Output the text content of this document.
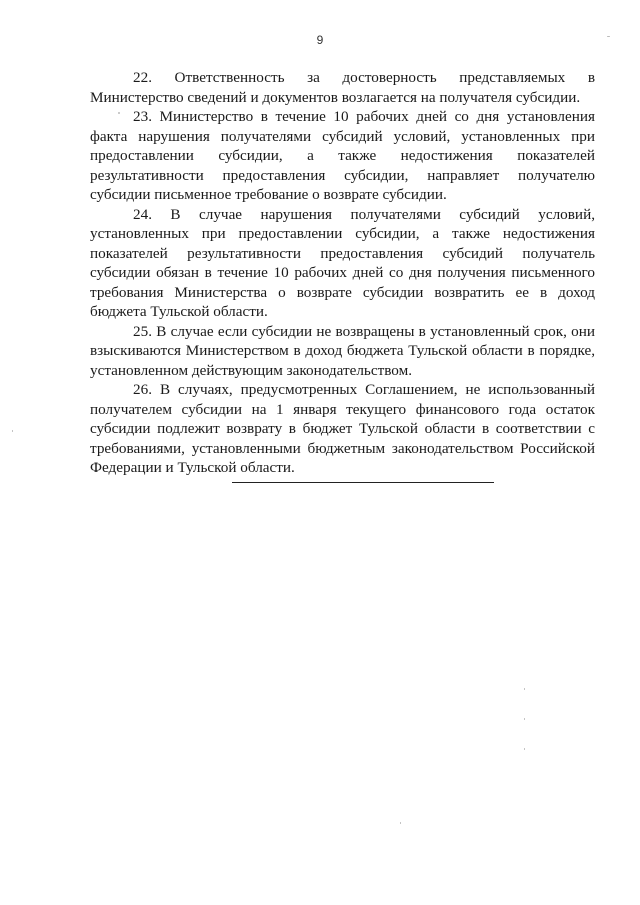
9

22. Ответственность за достоверность представляемых в Министерство сведений и документов возлагается на получателя субсидии.

23. Министерство в течение 10 рабочих дней со дня установления факта нарушения получателями субсидий условий, установленных при предоставлении субсидии, а также недостижения показателей результативности предоставления субсидии, направляет получателю субсидии письменное требование о возврате субсидии.

24. В случае нарушения получателями субсидий условий, установленных при предоставлении субсидии, а также недостижения показателей результативности предоставления субсидий получатель субсидии обязан в течение 10 рабочих дней со дня получения письменного требования Министерства о возврате субсидии возвратить ее в доход бюджета Тульской области.

25. В случае если субсидии не возвращены в установленный срок, они взыскиваются Министерством в доход бюджета Тульской области в порядке, установленном действующим законодательством.

26. В случаях, предусмотренных Соглашением, не использованный получателем субсидии на 1 января текущего финансового года остаток субсидии подлежит возврату в бюджет Тульской области в соответствии с требованиями, установленными бюджетным законодательством Российской Федерации и Тульской области.
